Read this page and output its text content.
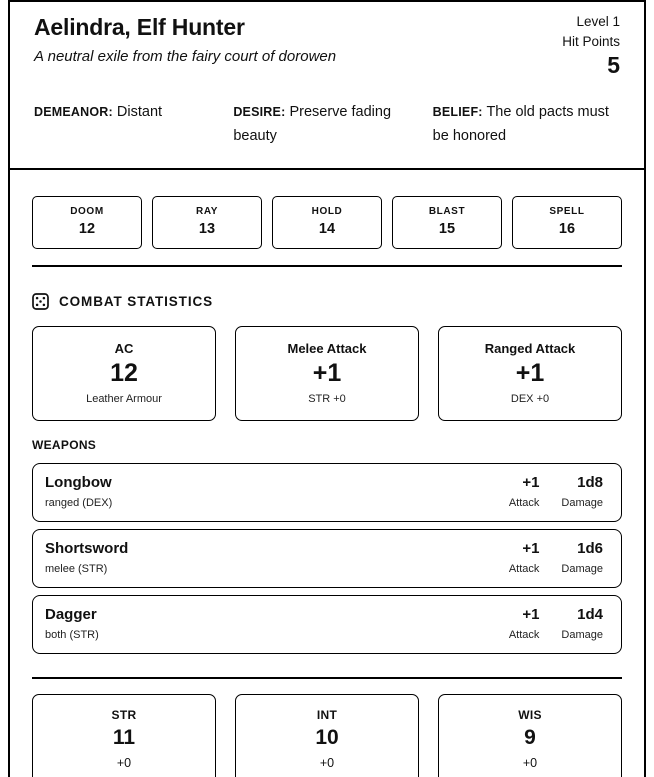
Aelindra, Elf Hunter
A neutral exile from the fairy court of dorowen
Level 1
Hit Points
5
DEMEANOR: Distant	DESIRE: Preserve fading beauty
BELIEF: The old pacts must be honored
DOOM
12
RAY
13
HOLD
14
BLAST
15
SPELL
16
COMBAT STATISTICS
AC
12
Leather Armour
Melee Attack
+1
STR +0
Ranged Attack
+1
DEX +0
WEAPONS
Longbow
ranged (DEX)
+1
Attack
1d8
Damage
Shortsword
melee (STR)
+1
Attack
1d6
Damage
Dagger
both (STR)
+1
Attack
1d4
Damage
STR
11
+0
INT
10
+0
WIS
9
+0
